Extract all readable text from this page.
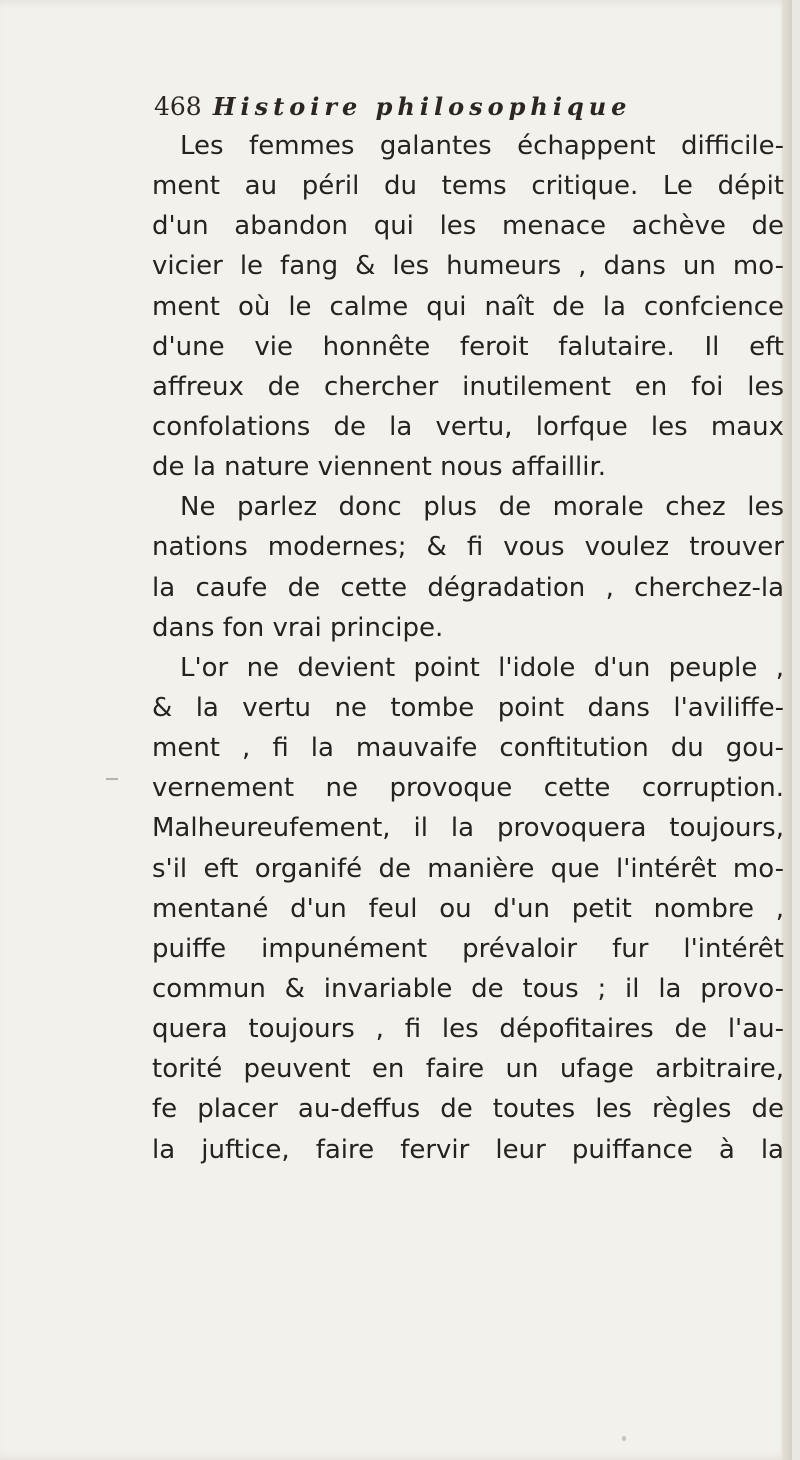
468 Histoire philosophique
Les femmes galantes échappent difficile-
ment au péril du tems critique. Le dépit
d'un abandon qui les menace achève de
vicier le fang & les humeurs , dans un mo-
ment où le calme qui naît de la confcience
d'une vie honnête feroit falutaire. Il eft
affreux de chercher inutilement en foi les
confolations de la vertu, lorfque les maux
de la nature viennent nous affaillir.
Ne parlez donc plus de morale chez les
nations modernes; & fi vous voulez trouver
la caufe de cette dégradation , cherchez-la
dans fon vrai principe.
L'or ne devient point l'idole d'un peuple ,
& la vertu ne tombe point dans l'aviliffe-
ment , fi la mauvaife conftitution du gou-
vernement ne provoque cette corruption.
Malheureufement, il la provoquera toujours,
s'il eft organifé de manière que l'intérêt mo-
mentané d'un feul ou d'un petit nombre ,
puiffe impunément prévaloir fur l'intérêt
commun & invariable de tous ; il la provo-
quera toujours , fi les dépofitaires de l'au-
torité peuvent en faire un ufage arbitraire,
fe placer au-deffus de toutes les règles de
la juftice, faire fervir leur puiffance à la
